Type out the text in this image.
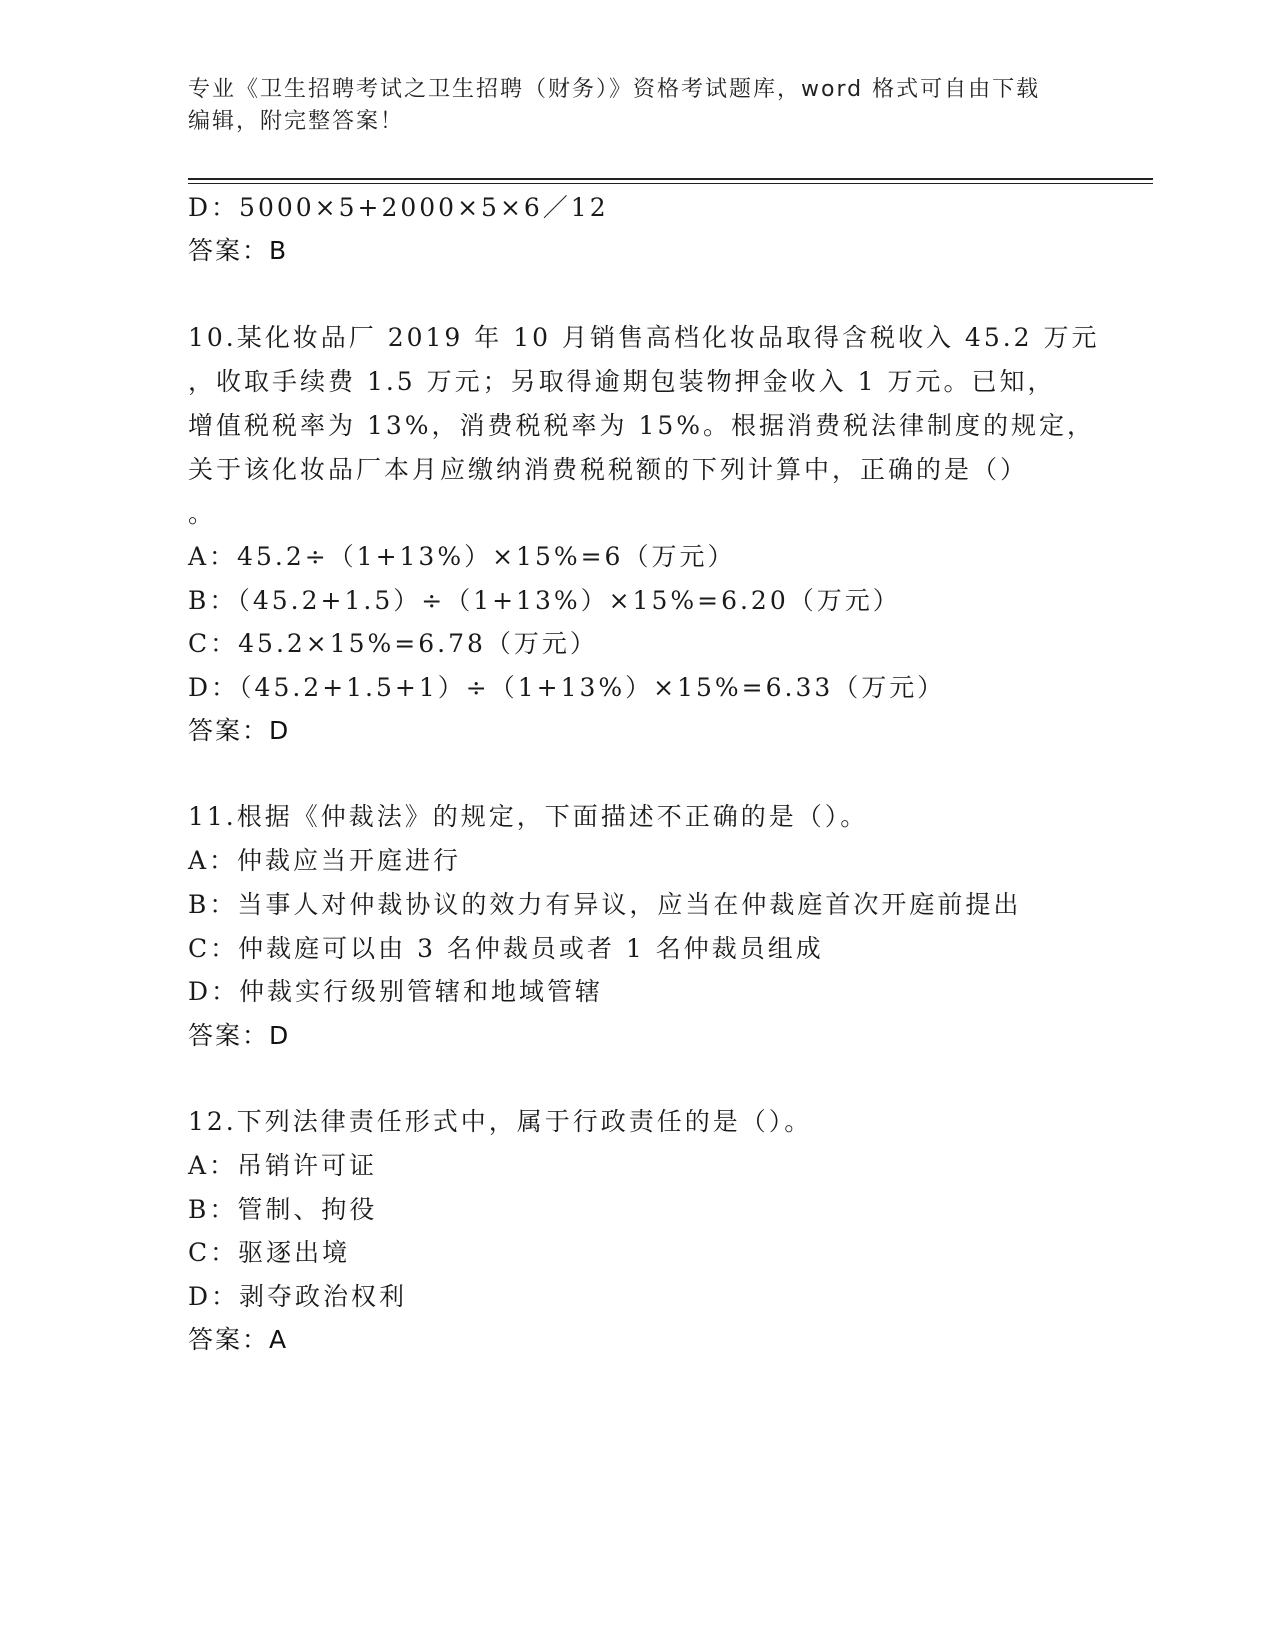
专业《卫生招聘考试之卫生招聘（财务）》资格考试题库，word 格式可自由下载
编辑，附完整答案！
D：5000×5+2000×5×6／12
答案：B
10.某化妆品厂 2019 年 10 月销售高档化妆品取得含税收入 45.2 万元
，收取手续费 1.5 万元；另取得逾期包装物押金收入 1 万元。已知，
增值税税率为 13%，消费税税率为 15%。根据消费税法律制度的规定，
关于该化妆品厂本月应缴纳消费税税额的下列计算中，正确的是（）
。
A：45.2÷（1+13%）×15%=6（万元）
B：（45.2+1.5）÷（1+13%）×15%=6.20（万元）
C：45.2×15%=6.78（万元）
D：（45.2+1.5+1）÷（1+13%）×15%=6.33（万元）
答案：D
11.根据《仲裁法》的规定，下面描述不正确的是（）。
A：仲裁应当开庭进行
B：当事人对仲裁协议的效力有异议，应当在仲裁庭首次开庭前提出
C：仲裁庭可以由 3 名仲裁员或者 1 名仲裁员组成
D：仲裁实行级别管辖和地域管辖
答案：D
12.下列法律责任形式中，属于行政责任的是（）。
A：吊销许可证
B：管制、拘役
C：驱逐出境
D：剥夺政治权利
答案：A
